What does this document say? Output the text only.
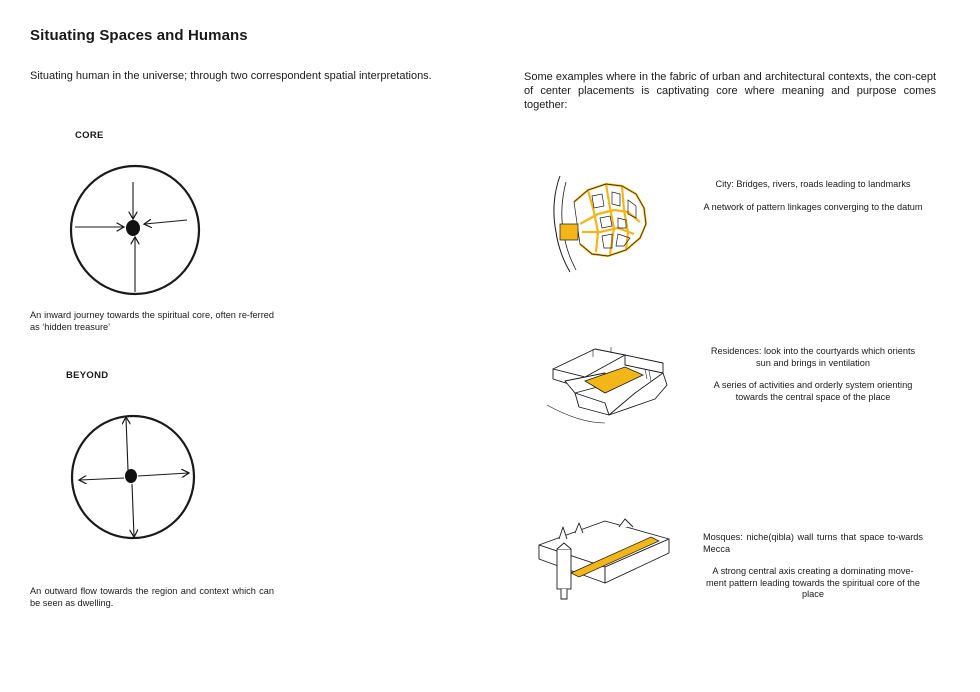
Situating Spaces and Humans
Situating human in the universe; through two correspondent spatial interpretations.	Some examples where in the fabric of urban and architectural contexts, the con-cept of center placements is captivating core where meaning and purpose comes together:
CORE
An inward journey towards the spiritual core, often re-ferred as ‘hidden treasure’
BEYOND
An outward flow towards the region and context which can be seen as dwelling.

City: Bridges, rivers, roads leading to landmarks

A network of pattern linkages converging to the datum

Residences: look into the courtyards which orients sun and brings in ventilation

A series of activities and orderly system orienting towards the central space of the place

Mosques: niche(qibla) wall turns that space to-wards Mecca

A strong central axis creating a dominating move-ment pattern leading towards the spiritual core of the place
